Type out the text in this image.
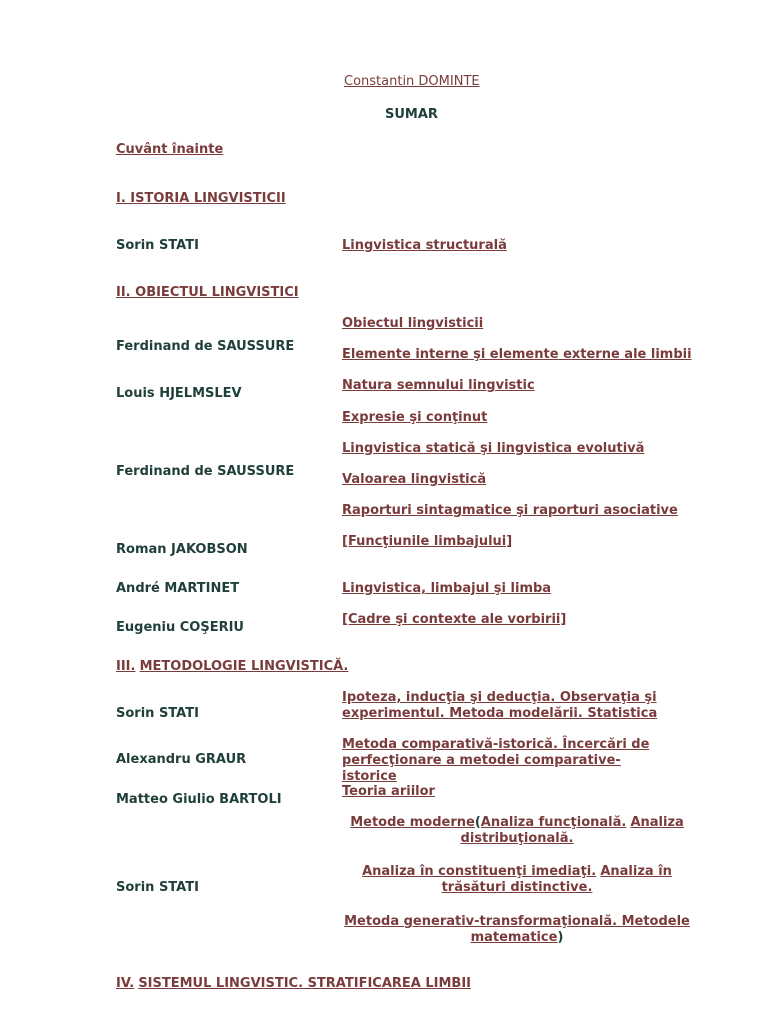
Constantin DOMINTE
SUMAR
Cuvânt înainte
I. ISTORIA LINGVISTICII
Sorin STATI	Lingvistica structurală
II. OBIECTUL LINGVISTICI
Obiectul lingvisticii
Ferdinand de SAUSSURE
Elemente interne şi elemente externe ale limbii
Natura semnului lingvistic
Louis HJELMSLEV
Expresie şi conţinut
Lingvistica statică şi lingvistica evolutivă
Ferdinand de SAUSSURE
Valoarea lingvistică
Raporturi sintagmatice şi raporturi asociative
[Funcţiunile limbajului]
Roman JAKOBSON
André MARTINET	Lingvistica, limbajul şi limba
[Cadre şi contexte ale vorbirii]
Eugeniu COŞERIU
III. METODOLOGIE LINGVISTICĂ.
Ipoteza, inducţia şi deducţia. Observaţia şi experimentul. Metoda modelării. Statistica
Sorin STATI
Metoda comparativă-istorică. Încercări de perfecţionare a metodei comparative-istorice
Alexandru GRAUR
Teoria ariilor
Matteo Giulio BARTOLI
Metode moderne(Analiza funcţională. Analiza distribuţională.
Analiza în constituenţi imediaţi. Analiza în trăsături distinctive.
Sorin STATI
Metoda generativ-transformaţională. Metodele matematice)
IV. SISTEMUL LINGVISTIC. STRATIFICAREA LIMBII
